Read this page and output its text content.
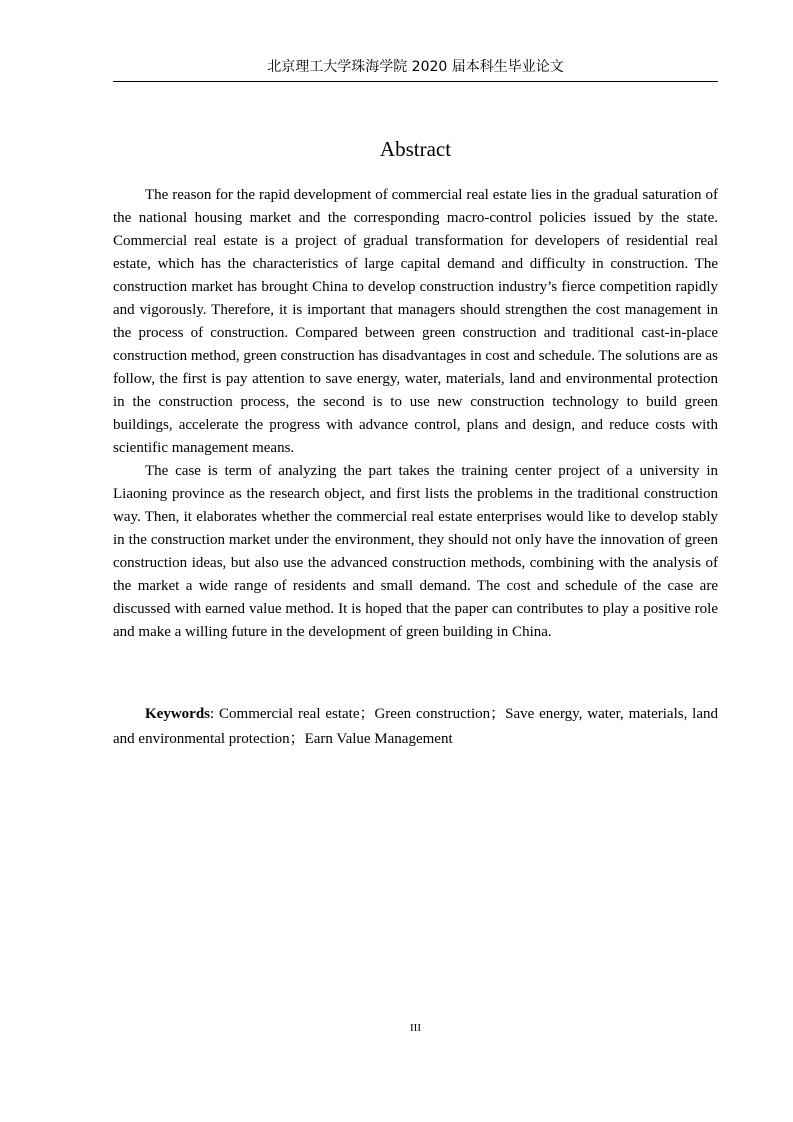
北京理工大学珠海学院 2020 届本科生毕业论文
Abstract

The reason for the rapid development of commercial real estate lies in the gradual saturation of the national housing market and the corresponding macro-control policies issued by the state. Commercial real estate is a project of gradual transformation for developers of residential real estate, which has the characteristics of large capital demand and difficulty in construction. The construction market has brought China to develop construction industry’s fierce competition rapidly and vigorously. Therefore, it is important that managers should strengthen the cost management in the process of construction. Compared between green construction and traditional cast-in-place construction method, green construction has disadvantages in cost and schedule. The solutions are as follow, the first is pay attention to save energy, water, materials, land and environmental protection in the construction process, the second is to use new construction technology to build green buildings, accelerate the progress with advance control, plans and design, and reduce costs with scientific management means.

The case is term of analyzing the part takes the training center project of a university in Liaoning province as the research object, and first lists the problems in the traditional construction way. Then, it elaborates whether the commercial real estate enterprises would like to develop stably in the construction market under the environment, they should not only have the innovation of green construction ideas, but also use the advanced construction methods, combining with the analysis of the market a wide range of residents and small demand. The cost and schedule of the case are discussed with earned value method. It is hoped that the paper can contributes to play a positive role and make a willing future in the development of green building in China.

Keywords: Commercial real estate；Green construction；Save energy, water, materials, land and environmental protection；Earn Value Management

III
